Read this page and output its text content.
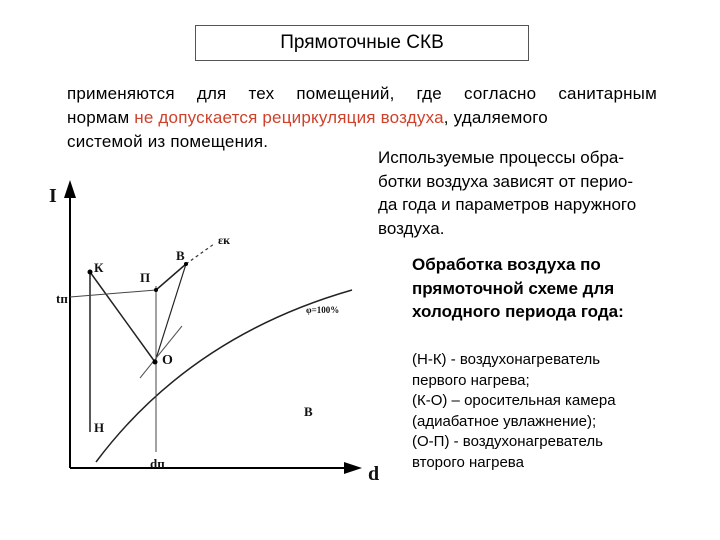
Прямоточные СКВ
применяются для тех помещений, где согласно санитарным
нормам не допускается рециркуляция воздуха, удаляемого
системой из помещения.
Используемые процессы обра-
ботки воздуха зависят от перио-
да года и параметров наружного
воздуха.
Обработка воздуха по
прямоточной схеме для
холодного периода года:
(Н-К) - воздухонагреватель
первого нагрева;
(К-О) – оросительная камера
(адиабатное увлажнение);
(О-П) - воздухонагреватель
второго нагрева
I
d
К
П
В
О
Н
В
tп
dп
εк
φ=100%
